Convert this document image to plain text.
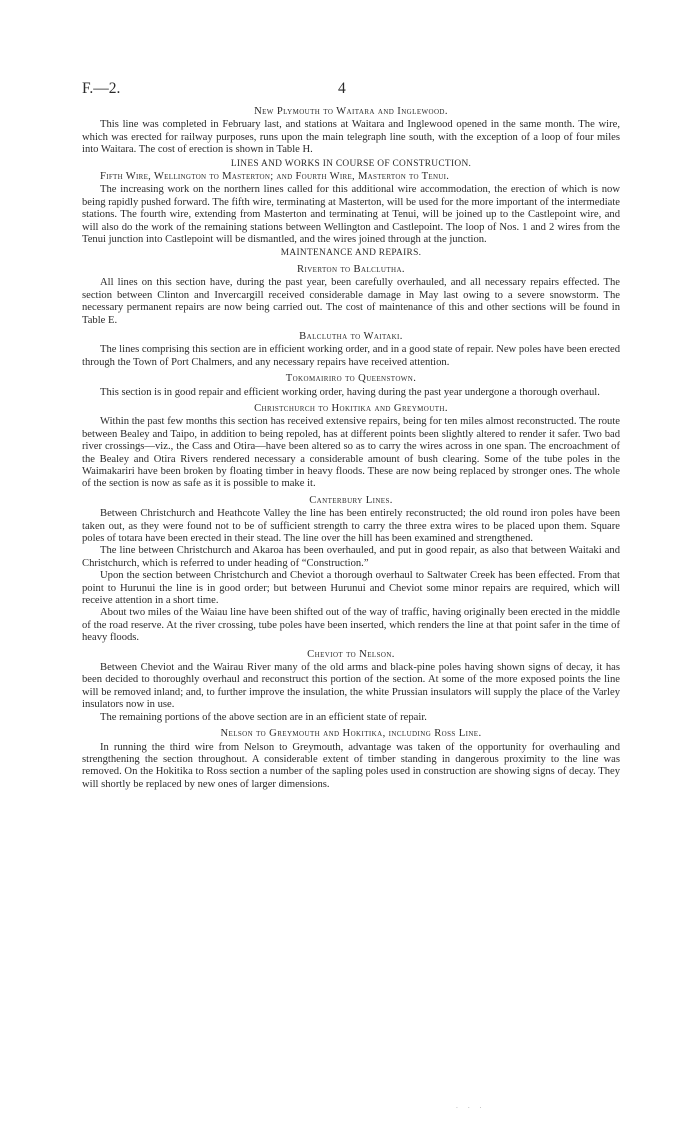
F.—2.	4
New Plymouth to Waitara and Inglewood.

This line was completed in February last, and stations at Waitara and Inglewood opened in the same month. The wire, which was erected for railway purposes, runs upon the main telegraph line south, with the exception of a loop of four miles into Waitara. The cost of erection is shown in Table H.

LINES AND WORKS IN COURSE OF CONSTRUCTION.
Fifth Wire, Wellington to Masterton; and Fourth Wire, Masterton to Tenui.

The increasing work on the northern lines called for this additional wire accommodation, the erection of which is now being rapidly pushed forward. The fifth wire, terminating at Masterton, will be used for the more important of the intermediate stations. The fourth wire, extending from Masterton and terminating at Tenui, will be joined up to the Castlepoint wire, and will also do the work of the remaining stations between Wellington and Castlepoint. The loop of Nos. 1 and 2 wires from the Tenui junction into Castlepoint will be dismantled, and the wires joined through at the junction.

MAINTENANCE AND REPAIRS.
Riverton to Balclutha.

All lines on this section have, during the past year, been carefully overhauled, and all necessary repairs effected. The section between Clinton and Invercargill received considerable damage in May last owing to a severe snowstorm. The necessary permanent repairs are now being carried out. The cost of maintenance of this and other sections will be found in Table E.

Balclutha to Waitaki.

The lines comprising this section are in efficient working order, and in a good state of repair. New poles have been erected through the Town of Port Chalmers, and any necessary repairs have received attention.

Tokomairiro to Queenstown.

This section is in good repair and efficient working order, having during the past year undergone a thorough overhaul.

Christchurch to Hokitika and Greymouth.

Within the past few months this section has received extensive repairs, being for ten miles almost reconstructed. The route between Bealey and Taipo, in addition to being repoled, has at different points been slightly altered to render it safer. Two bad river crossings—viz., the Cass and Otira—have been altered so as to carry the wires across in one span. The encroachment of the Bealey and Otira Rivers rendered necessary a considerable amount of bush clearing. Some of the tube poles in the Waimakariri have been broken by floating timber in heavy floods. These are now being replaced by stronger ones. The whole of the section is now as safe as it is possible to make it.

Canterbury Lines.

Between Christchurch and Heathcote Valley the line has been entirely reconstructed; the old round iron poles have been taken out, as they were found not to be of sufficient strength to carry the three extra wires to be placed upon them. Square poles of totara have been erected in their stead. The line over the hill has been examined and strengthened.

The line between Christchurch and Akaroa has been overhauled, and put in good repair, as also that between Waitaki and Christchurch, which is referred to under heading of “Construction.”

Upon the section between Christchurch and Cheviot a thorough overhaul to Saltwater Creek has been effected. From that point to Hurunui the line is in good order; but between Hurunui and Cheviot some minor repairs are required, which will receive attention in a short time.

About two miles of the Waiau line have been shifted out of the way of traffic, having originally been erected in the middle of the road reserve. At the river crossing, tube poles have been inserted, which renders the line at that point safer in the time of heavy floods.

Cheviot to Nelson.

Between Cheviot and the Wairau River many of the old arms and black-pine poles having shown signs of decay, it has been decided to thoroughly overhaul and reconstruct this portion of the section. At some of the more exposed points the line will be removed inland; and, to further improve the insulation, the white Prussian insulators will supply the place of the Varley insulators now in use.

The remaining portions of the above section are in an efficient state of repair.

Nelson to Greymouth and Hokitika, including Ross Line.

In running the third wire from Nelson to Greymouth, advantage was taken of the opportunity for overhauling and strengthening the section throughout. A considerable extent of timber standing in dangerous proximity to the line was removed. On the Hokitika to Ross section a number of the sapling poles used in construction are showing signs of decay. They will shortly be replaced by new ones of larger dimensions.

· · ·
